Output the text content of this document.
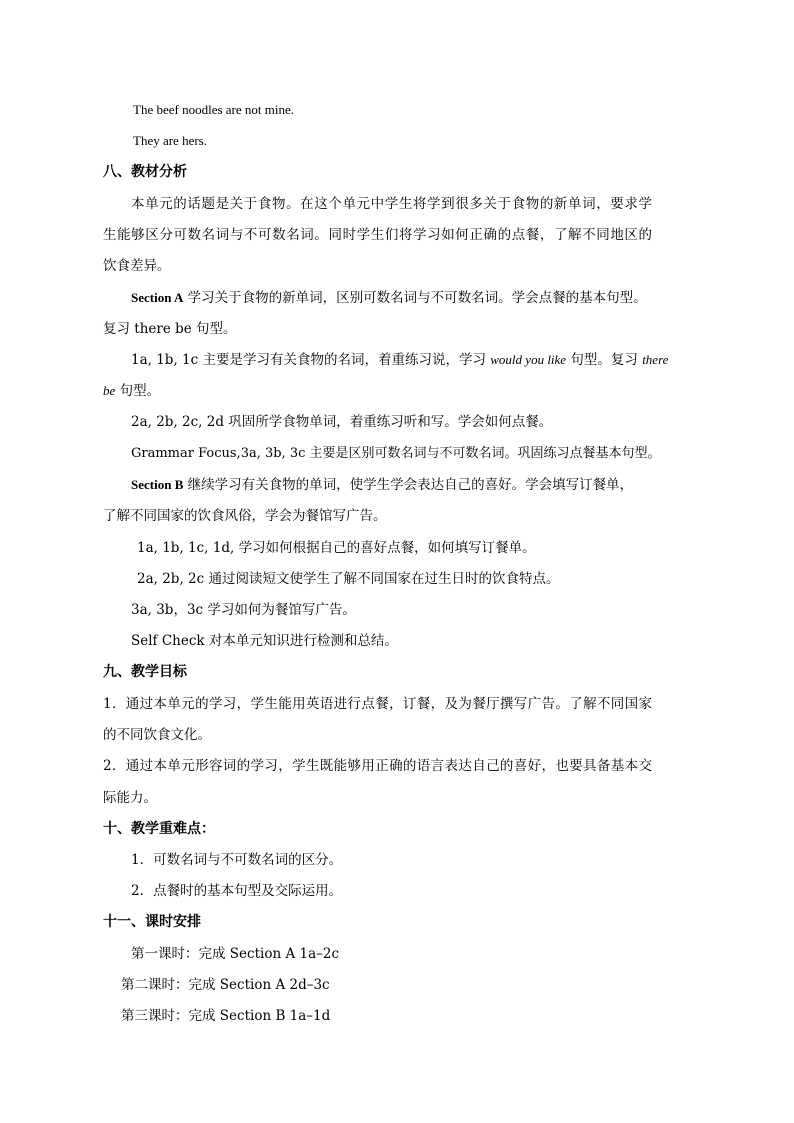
The beef noodles are not mine.
They are hers.
八、教材分析
本单元的话题是关于食物。在这个单元中学生将学到很多关于食物的新单词，要求学
生能够区分可数名词与不可数名词。同时学生们将学习如何正确的点餐，了解不同地区的
饮食差异。
Section A 学习关于食物的新单词，区别可数名词与不可数名词。学会点餐的基本句型。
复习 there be 句型。
1a, 1b, 1c 主要是学习有关食物的名词，着重练习说，学习 would you like 句型。复习 there
be 句型。
2a, 2b, 2c, 2d 巩固所学食物单词，着重练习听和写。学会如何点餐。
Grammar Focus,3a, 3b, 3c 主要是区别可数名词与不可数名词。巩固练习点餐基本句型。
Section B 继续学习有关食物的单词，使学生学会表达自己的喜好。学会填写订餐单，
了解不同国家的饮食风俗，学会为餐馆写广告。
1a, 1b, 1c, 1d, 学习如何根据自己的喜好点餐，如何填写订餐单。
2a, 2b, 2c 通过阅读短文使学生了解不同国家在过生日时的饮食特点。
3a, 3b，3c 学习如何为餐馆写广告。
Self Check 对本单元知识进行检测和总结。
九、教学目标
1．通过本单元的学习，学生能用英语进行点餐，订餐，及为餐厅撰写广告。了解不同国家
的不同饮食文化。
2．通过本单元形容词的学习，学生既能够用正确的语言表达自己的喜好，也要具备基本交
际能力。
十、教学重难点：
1．可数名词与不可数名词的区分。
2．点餐时的基本句型及交际运用。
十一、课时安排
第一课时：完成 Section A 1a–2c
第二课时：完成 Section A 2d–3c
第三课时：完成 Section B 1a–1d
